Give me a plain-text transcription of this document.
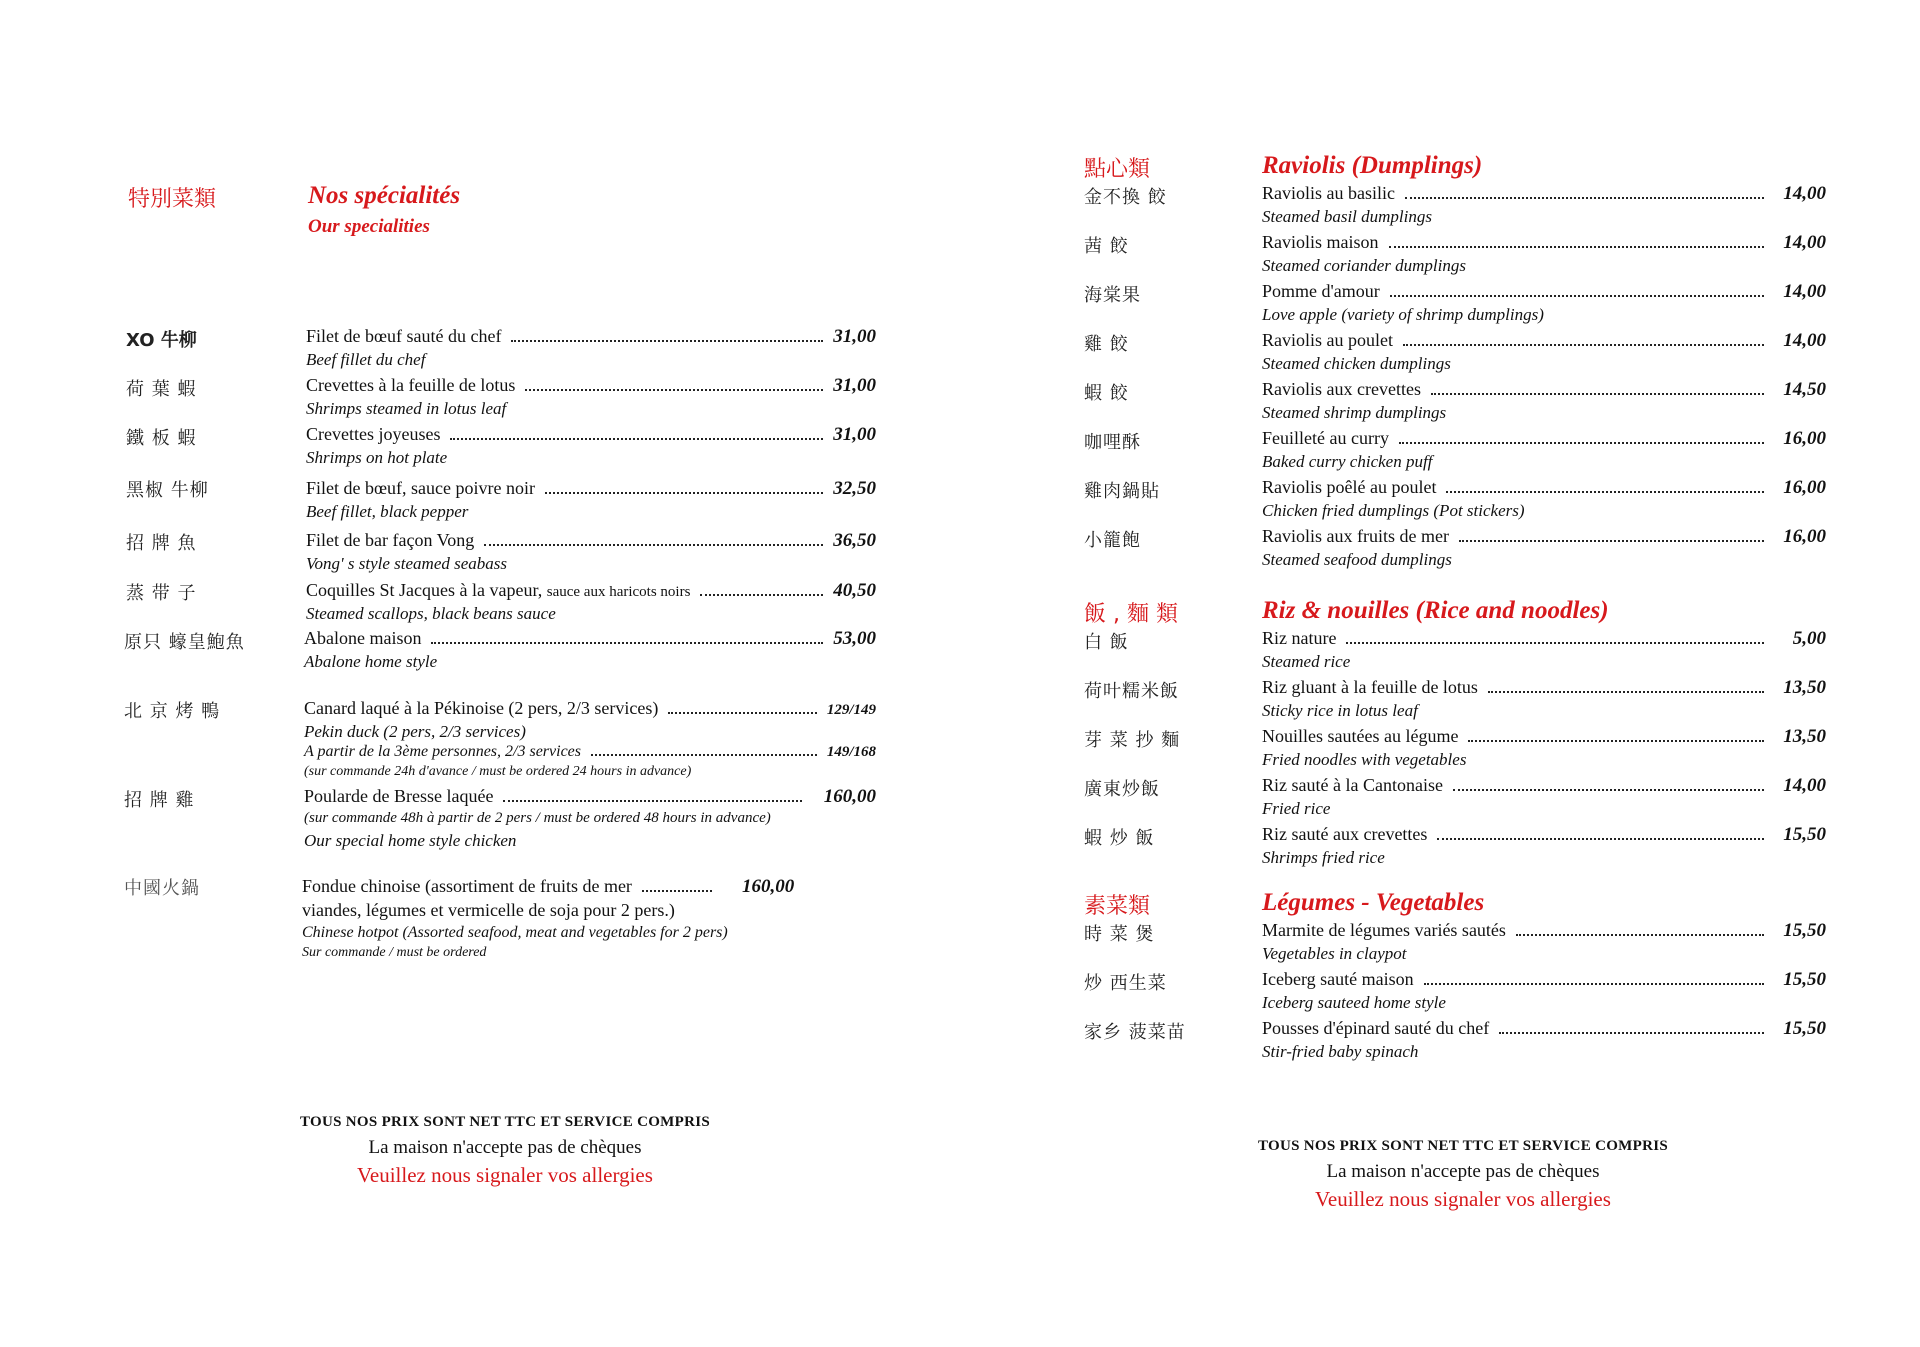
特別菜類	Nos spécialités
Our specialities
XO 牛柳	Filet de bœuf sauté du chef	31,00
Beef fillet du chef
荷 葉 蝦	Crevettes à la feuille de lotus	31,00
Shrimps steamed in lotus leaf
鐵 板 蝦	Crevettes joyeuses	31,00
Shrimps on hot plate
黑椒 牛柳	Filet de bœuf, sauce poivre noir	32,50
Beef fillet, black pepper
招 牌 魚	Filet de bar façon Vong	36,50
Vong' s style steamed seabass
蒸 带 子	Coquilles St Jacques à la vapeur, sauce aux haricots noirs	40,50
Steamed scallops, black beans sauce
原只 蠔皇鮑魚	Abalone maison	53,00
Abalone home style
北 京 烤 鴨	Canard laqué à la Pékinoise (2 pers, 2/3 services)	129/149
Pekin duck (2 pers, 2/3 services)
A partir de la 3ème personnes, 2/3 services	149/168
(sur commande 24h d'avance / must be ordered 24 hours in advance)
招 牌 雞	Poularde de Bresse laquée	160,00
(sur commande 48h à partir de 2 pers / must be ordered 48 hours in advance)
Our special home style chicken
中國火鍋	Fondue chinoise (assortiment de fruits de mer	160,00
viandes, légumes et vermicelle de soja pour 2 pers.)
Chinese hotpot (Assorted seafood, meat and vegetables for 2 pers)
Sur commande / must be ordered
TOUS NOS PRIX SONT NET TTC ET SERVICE COMPRIS
La maison n'accepte pas de chèques
Veuillez nous signaler vos allergies
點心類	Raviolis (Dumplings)
金不換 餃	Raviolis au basilic	14,00
Steamed basil dumplings
茜 餃	Raviolis maison	14,00
Steamed coriander dumplings
海棠果	Pomme d'amour	14,00
Love apple (variety of shrimp dumplings)
雞 餃	Raviolis au poulet	14,00
Steamed chicken dumplings
蝦 餃	Raviolis aux crevettes	14,50
Steamed shrimp dumplings
咖哩酥	Feuilleté au curry	16,00
Baked curry chicken puff
雞肉鍋貼	Raviolis poêlé au poulet	16,00
Chicken fried dumplings (Pot stickers)
小籠飽	Raviolis aux fruits de mer	16,00
Steamed seafood dumplings
飯 , 麵 類	Riz & nouilles (Rice and noodles)
白 飯	Riz nature	5,00
Steamed rice
荷叶糯米飯	Riz gluant à la feuille de lotus	13,50
Sticky rice in lotus leaf
芽 菜 抄 麵	Nouilles sautées au légume	13,50
Fried noodles with vegetables
廣東炒飯	Riz sauté à la Cantonaise	14,00
Fried rice
蝦 炒 飯	Riz sauté aux crevettes	15,50
Shrimps fried rice
素菜類	Légumes - Vegetables
時 菜 煲	Marmite de légumes variés sautés	15,50
Vegetables in claypot
炒 西生菜	Iceberg sauté maison	15,50
Iceberg sauteed home style
家乡 菠菜苗	Pousses d'épinard sauté du chef	15,50
Stir-fried baby spinach
TOUS NOS PRIX SONT NET TTC ET SERVICE COMPRIS
La maison n'accepte pas de chèques
Veuillez nous signaler vos allergies
